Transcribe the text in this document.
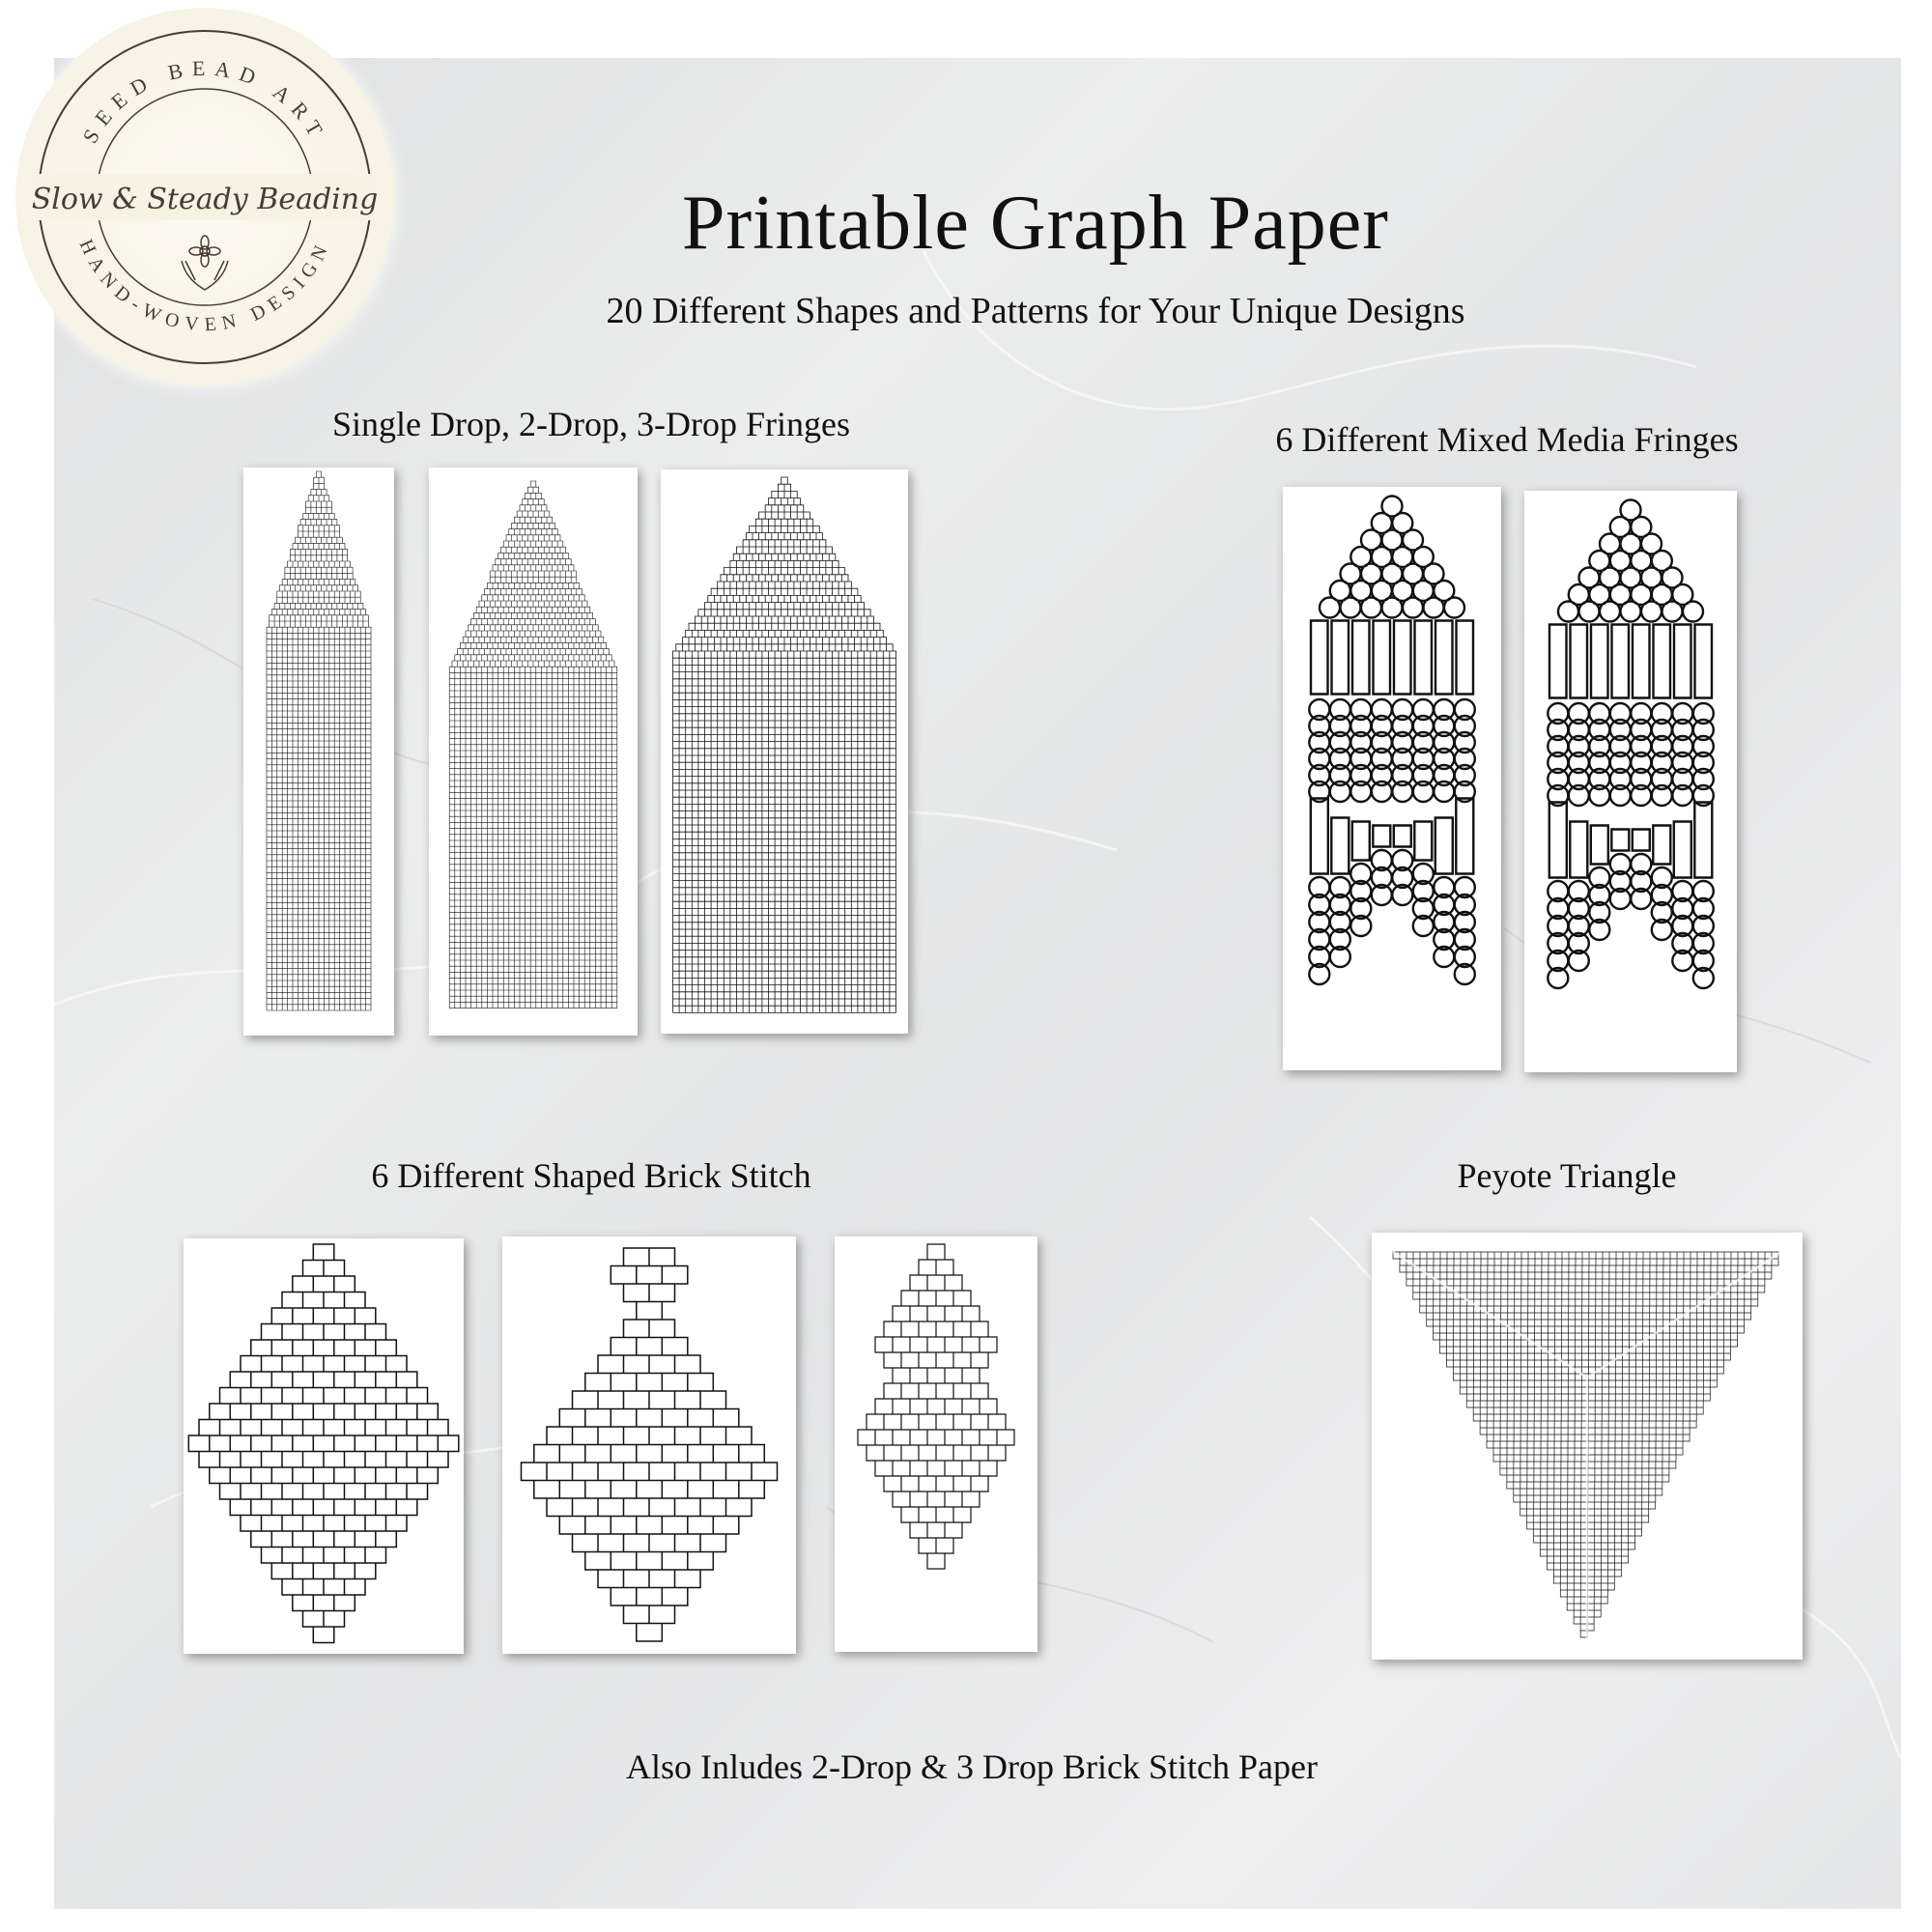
SEED BEAD ART
HAND-WOVEN DESIGN
Slow & Steady Beading	Printable Graph Paper
20 Different Shapes and Patterns for Your Unique Designs
Single Drop, 2-Drop, 3-Drop Fringes	6 Different Mixed Media Fringes
6 Different Shaped Brick Stitch	Peyote Triangle
Also Inludes 2-Drop & 3 Drop Brick Stitch Paper
